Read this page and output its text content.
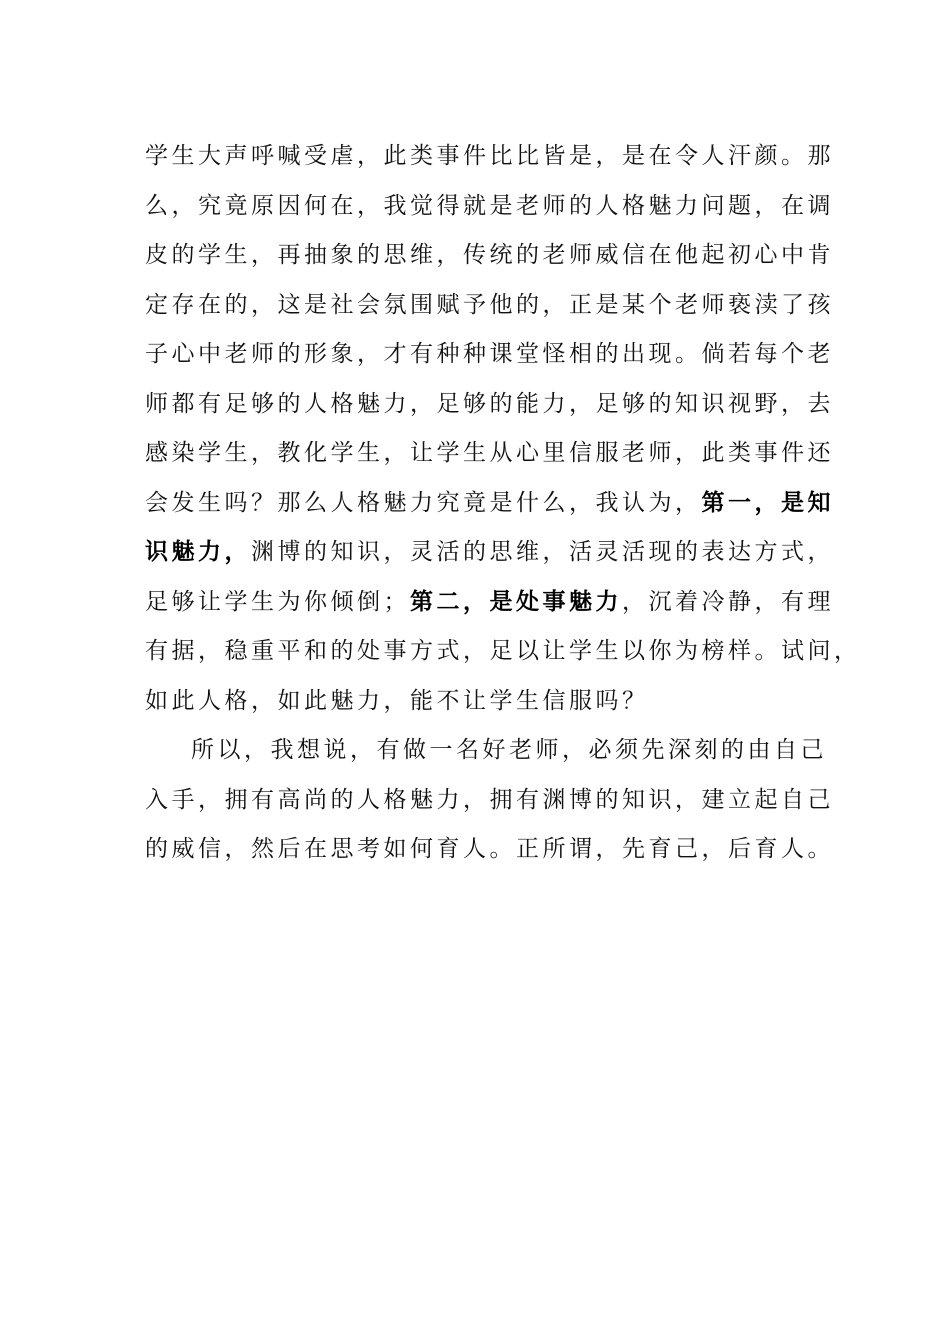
学生大声呼喊受虐，此类事件比比皆是，是在令人汗颜。那
么，究竟原因何在，我觉得就是老师的人格魅力问题，在调
皮的学生，再抽象的思维，传统的老师威信在他起初心中肯
定存在的，这是社会氛围赋予他的，正是某个老师亵渎了孩
子心中老师的形象，才有种种课堂怪相的出现。倘若每个老
师都有足够的人格魅力，足够的能力，足够的知识视野，去
感染学生，教化学生，让学生从心里信服老师，此类事件还
会发生吗？那么人格魅力究竟是什么，我认为，第一，是知
识魅力，渊博的知识，灵活的思维，活灵活现的表达方式，
足够让学生为你倾倒；第二，是处事魅力，沉着冷静，有理
有据，稳重平和的处事方式，足以让学生以你为榜样。试问，
如此人格，如此魅力，能不让学生信服吗？
所以，我想说，有做一名好老师，必须先深刻的由自己
入手，拥有高尚的人格魅力，拥有渊博的知识，建立起自己
的威信，然后在思考如何育人。正所谓，先育己，后育人。
